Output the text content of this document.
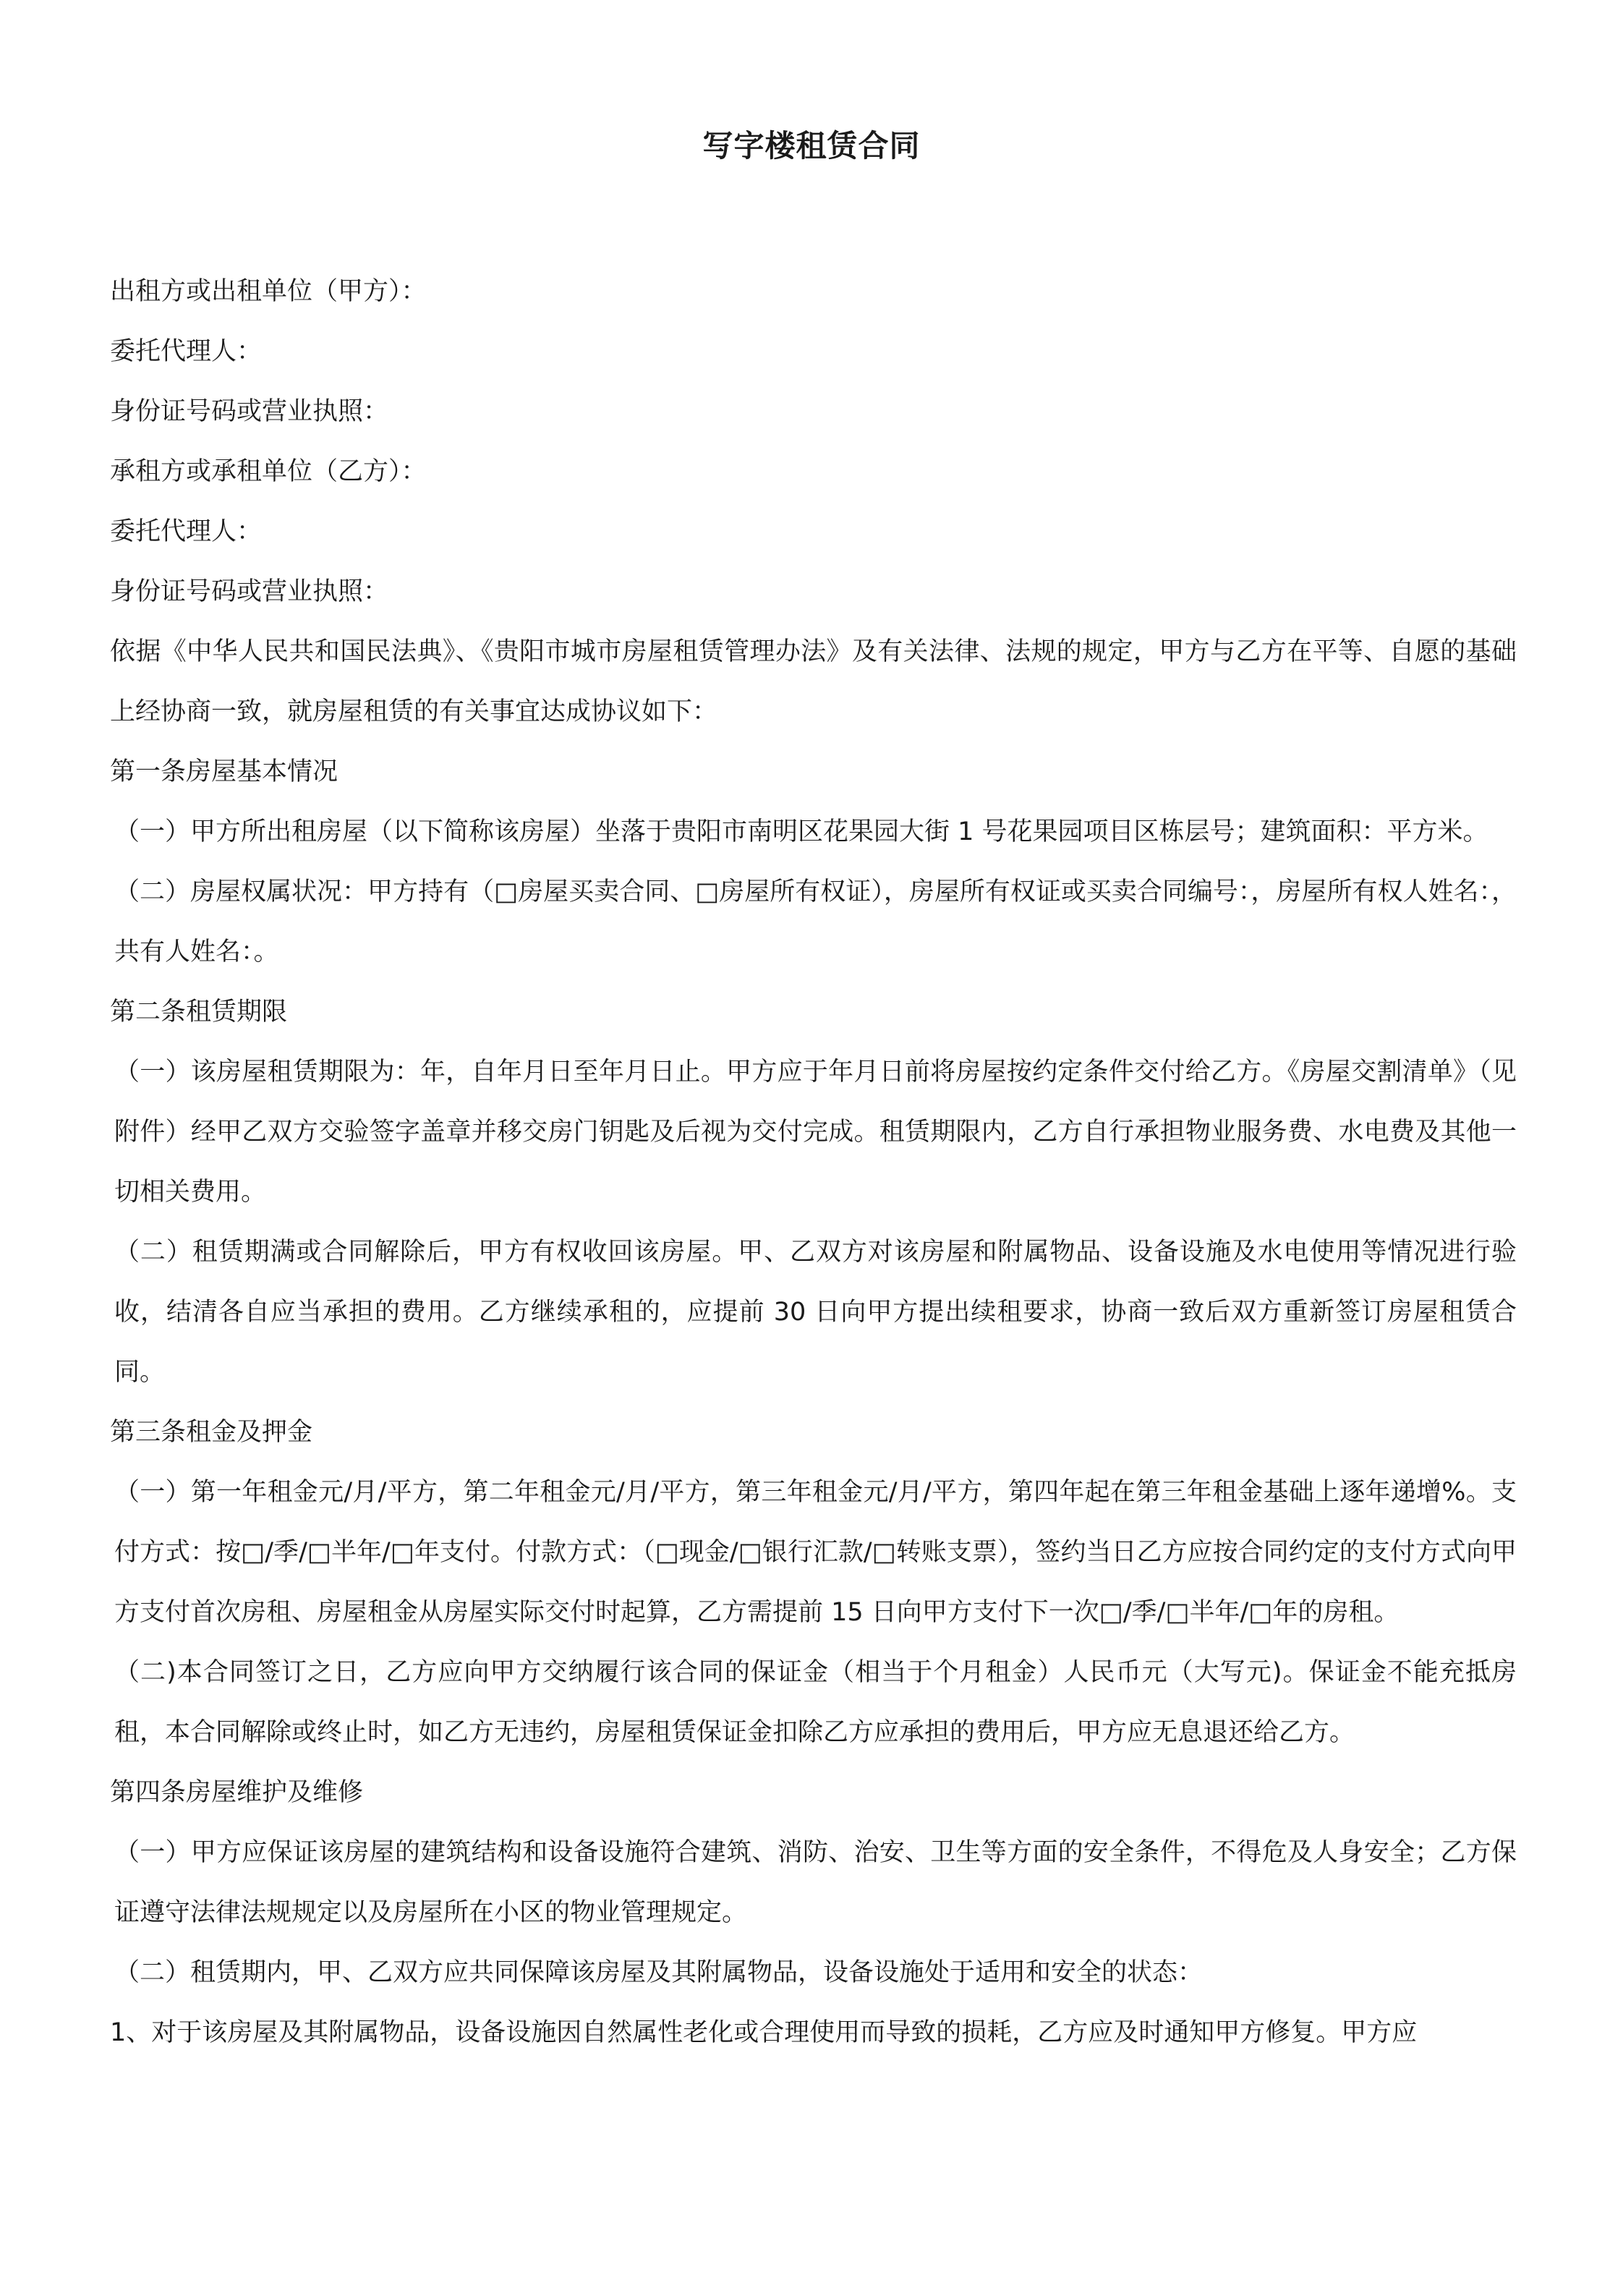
写字楼租赁合同

出租方或出租单位（甲方）：

委托代理人：

身份证号码或营业执照：

承租方或承租单位（乙方）：

委托代理人：

身份证号码或营业执照：

依据《中华人民共和国民法典》、《贵阳市城市房屋租赁管理办法》及有关法律、法规的规定，甲方与乙方在平等、自愿的基础上经协商一致，就房屋租赁的有关事宜达成协议如下：

第一条房屋基本情况

（一）甲方所出租房屋（以下简称该房屋）坐落于贵阳市南明区花果园大街 1 号花果园项目区栋层号；建筑面积：平方米。

（二）房屋权属状况：甲方持有（□房屋买卖合同、□房屋所有权证），房屋所有权证或买卖合同编号：，房屋所有权人姓名：，共有人姓名：。

第二条租赁期限

（一）该房屋租赁期限为：年，自年月日至年月日止。甲方应于年月日前将房屋按约定条件交付给乙方。《房屋交割清单》（见附件）经甲乙双方交验签字盖章并移交房门钥匙及后视为交付完成。租赁期限内，乙方自行承担物业服务费、水电费及其他一切相关费用。

（二）租赁期满或合同解除后，甲方有权收回该房屋。甲、乙双方对该房屋和附属物品、设备设施及水电使用等情况进行验收，结清各自应当承担的费用。乙方继续承租的，应提前 30 日向甲方提出续租要求，协商一致后双方重新签订房屋租赁合同。

第三条租金及押金

（一）第一年租金元/月/平方，第二年租金元/月/平方，第三年租金元/月/平方，第四年起在第三年租金基础上逐年递增%。支付方式：按□/季/□半年/□年支付。付款方式：（□现金/□银行汇款/□转账支票），签约当日乙方应按合同约定的支付方式向甲方支付首次房租、房屋租金从房屋实际交付时起算，乙方需提前 15 日向甲方支付下一次□/季/□半年/□年的房租。

（二)本合同签订之日，乙方应向甲方交纳履行该合同的保证金（相当于个月租金）人民币元（大写元)。保证金不能充抵房租，本合同解除或终止时，如乙方无违约，房屋租赁保证金扣除乙方应承担的费用后，甲方应无息退还给乙方。

第四条房屋维护及维修

（一）甲方应保证该房屋的建筑结构和设备设施符合建筑、消防、治安、卫生等方面的安全条件，不得危及人身安全；乙方保证遵守法律法规规定以及房屋所在小区的物业管理规定。

（二）租赁期内，甲、乙双方应共同保障该房屋及其附属物品，设备设施处于适用和安全的状态：

1、对于该房屋及其附属物品，设备设施因自然属性老化或合理使用而导致的损耗，乙方应及时通知甲方修复。甲方应
